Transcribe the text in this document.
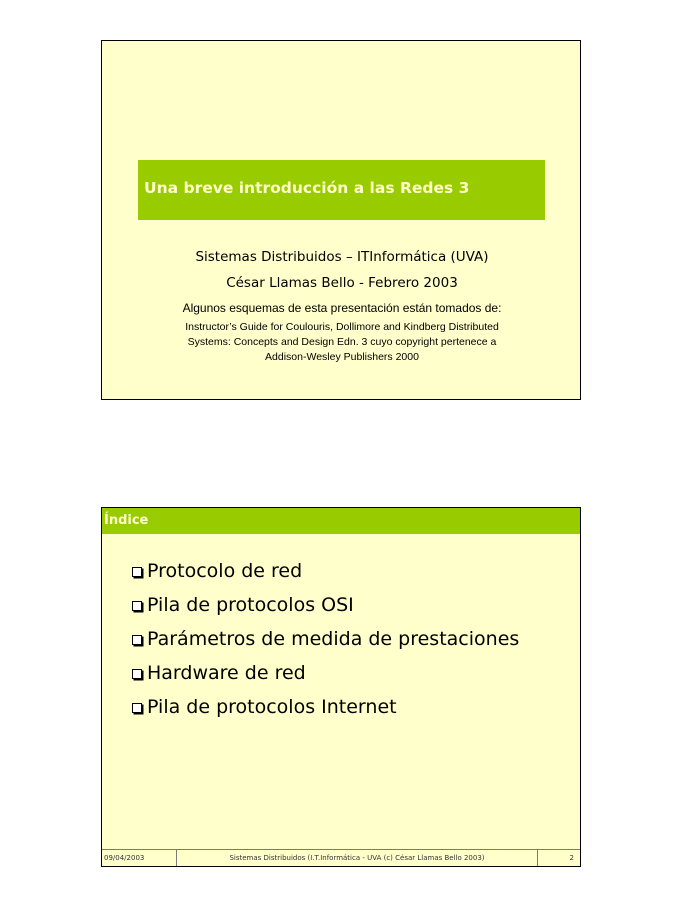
Una breve introducción a las Redes 3
Sistemas Distribuidos – ITInformática (UVA)
César Llamas Bello - Febrero 2003
Algunos esquemas de esta presentación están tomados de:
Instructor’s Guide for Coulouris, Dollimore and Kindberg Distributed
Systems: Concepts and Design Edn. 3 cuyo copyright pertenece a
Addison-Wesley Publishers 2000
Índice
Protocolo de red
Pila de protocolos OSI
Parámetros de medida de prestaciones
Hardware de red
Pila de protocolos Internet
09/04/2003	Sistemas Distribuidos (I.T.Informática - UVA (c) César Llamas Bello 2003)	2
